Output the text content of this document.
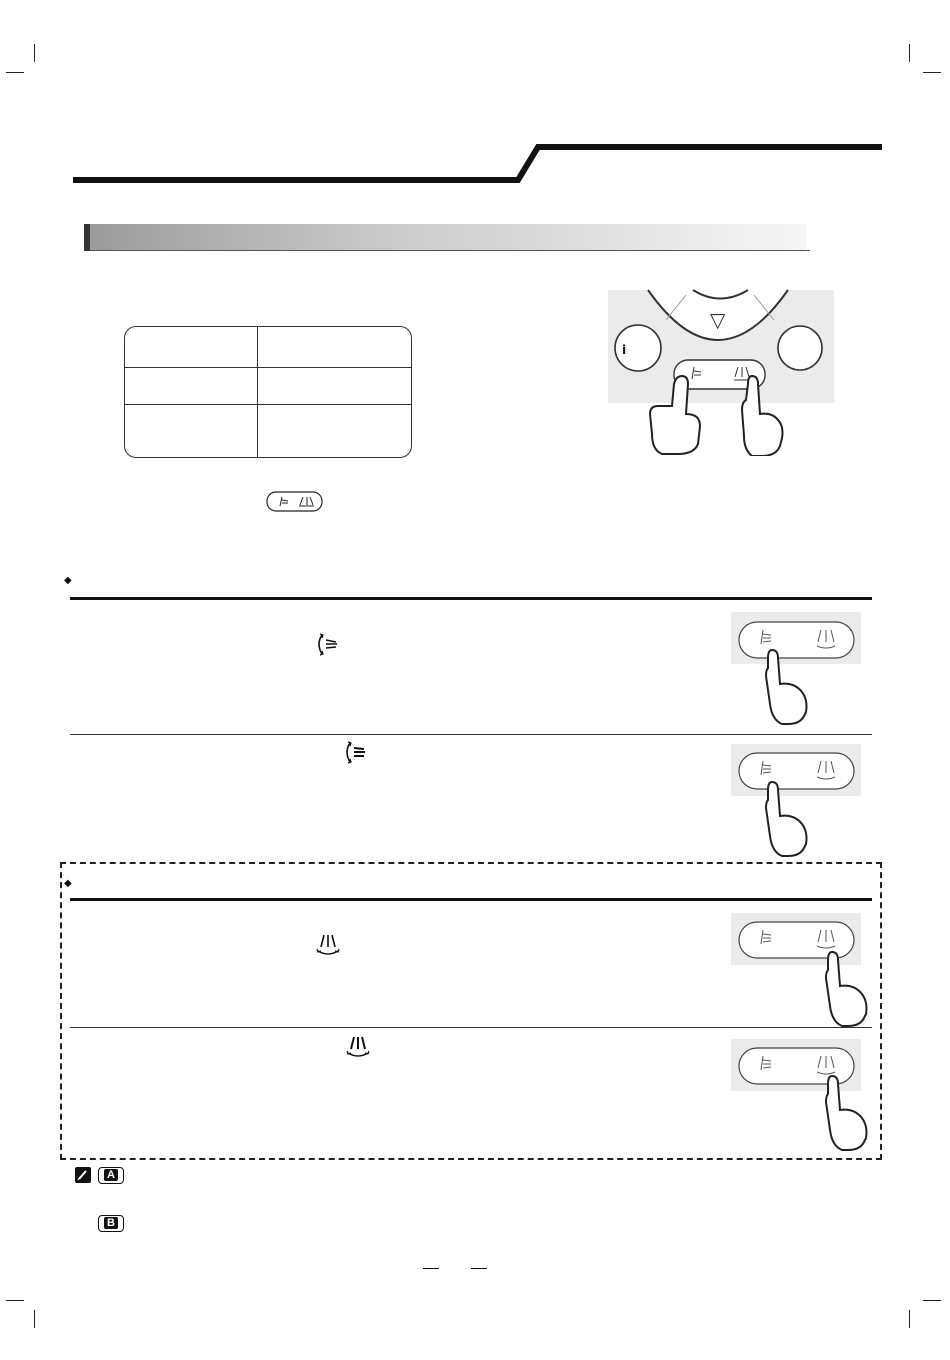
i
▽
◆
◆
A
B
